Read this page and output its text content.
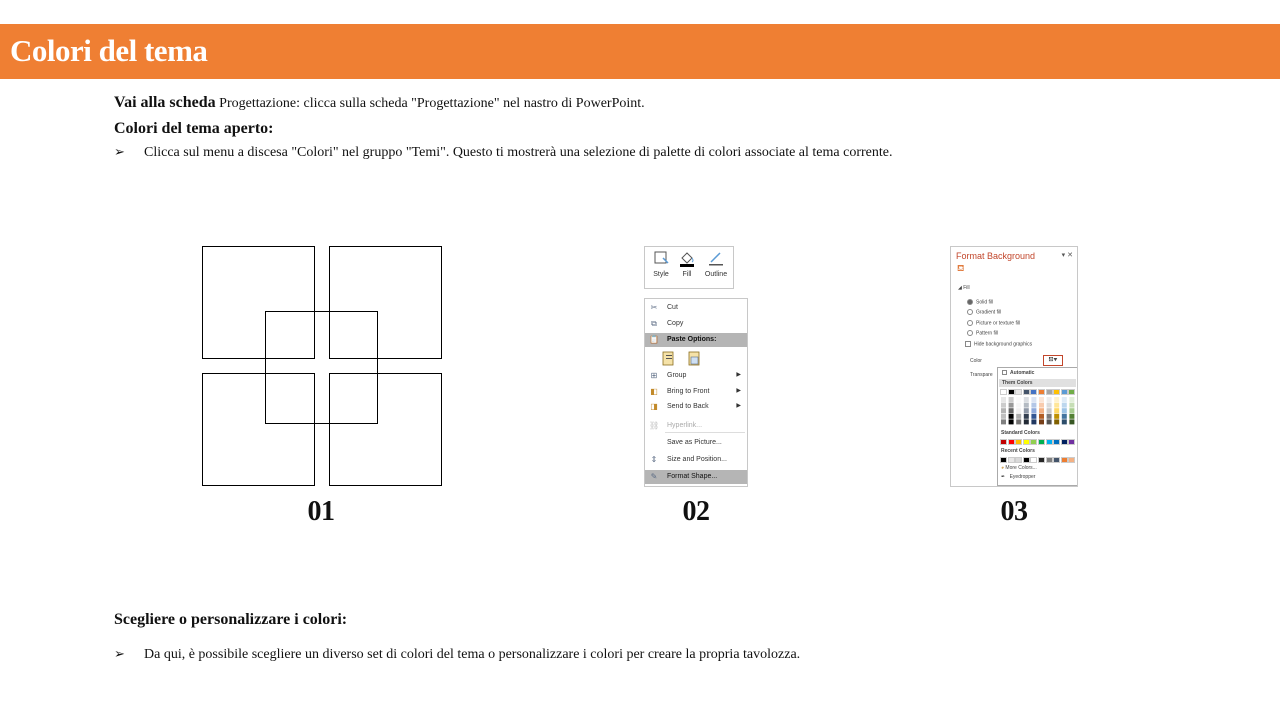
Colori del tema
Vai alla scheda Progettazione: clicca sulla scheda "Progettazione" nel nastro di PowerPoint.
Colori del tema aperto:
➢ Clicca sul menu a discesa "Colori" nel gruppo "Temi". Questo ti mostrerà una selezione di palette di colori associate al tema corrente.
Style	Fill	Outline
✂ Cut
⧉	Copy
📋 Paste Options:
⊞ Group	▶
◧ Bring to Front	▶
◨ Send to Back	▶
⛓ Hyperlink...
Save as Picture...
⇕ Size and Position...
✎ Format Shape...
Format Background	▾ ✕
⛾
◢ Fill
Solid fill
Gradient fill
Picture or texture fill
Pattern fill
Hide background graphics
Color	⛾▾
Transpare	Automatic
Them Colors
Standard Colors
Recent Colors
◕ More Colors...
✒ Eyedropper
01	02	03
Scegliere o personalizzare i colori:
➢ Da qui, è possibile scegliere un diverso set di colori del tema o personalizzare i colori per creare la propria tavolozza.
